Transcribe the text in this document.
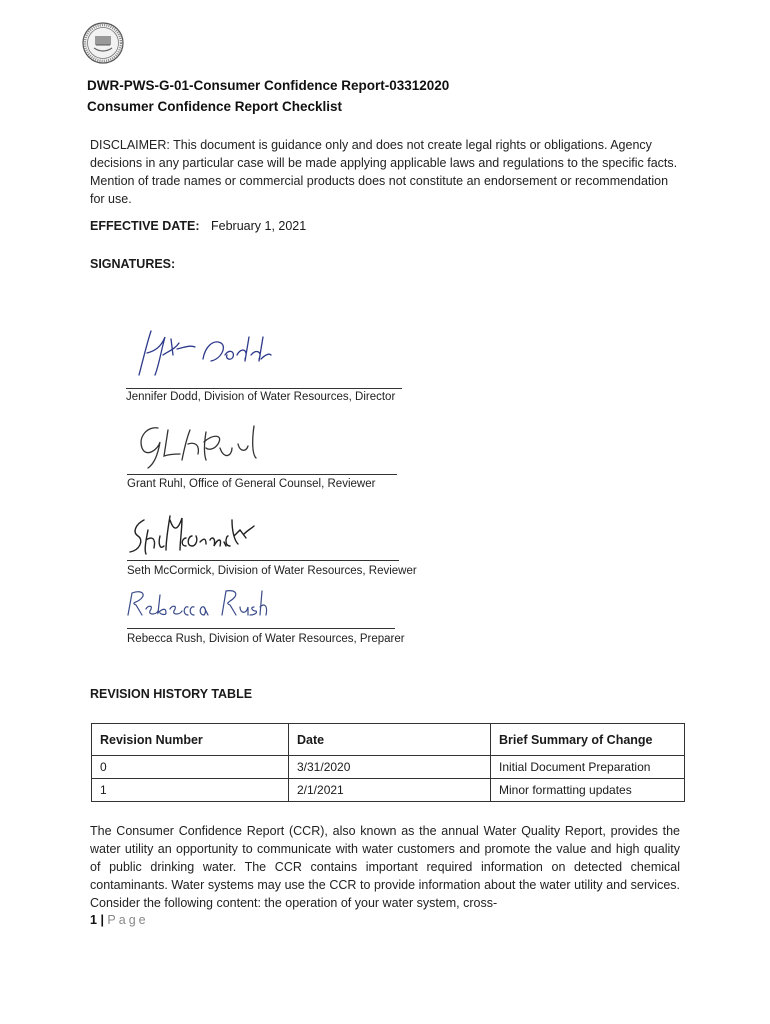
DWR-PWS-G-01-Consumer Confidence Report-03312020
Consumer Confidence Report Checklist
DISCLAIMER: This document is guidance only and does not create legal rights or obligations. Agency decisions in any particular case will be made applying applicable laws and regulations to the specific facts. Mention of trade names or commercial products does not constitute an endorsement or recommendation for use.
EFFECTIVE DATE: February 1, 2021
SIGNATURES:
Jennifer Dodd, Division of Water Resources, Director
Grant Ruhl, Office of General Counsel, Reviewer
Seth McCormick, Division of Water Resources, Reviewer
Rebecca Rush, Division of Water Resources, Preparer
REVISION HISTORY TABLE
Revision Number	Date	Brief Summary of Change
0	3/31/2020	Initial Document Preparation
1	2/1/2021	Minor formatting updates
The Consumer Confidence Report (CCR), also known as the annual Water Quality Report, provides the water utility an opportunity to communicate with water customers and promote the value and high quality of public drinking water. The CCR contains important required information on detected chemical contaminants. Water systems may use the CCR to provide information about the water utility and services. Consider the following content: the operation of your water system, cross-
1 | Page
